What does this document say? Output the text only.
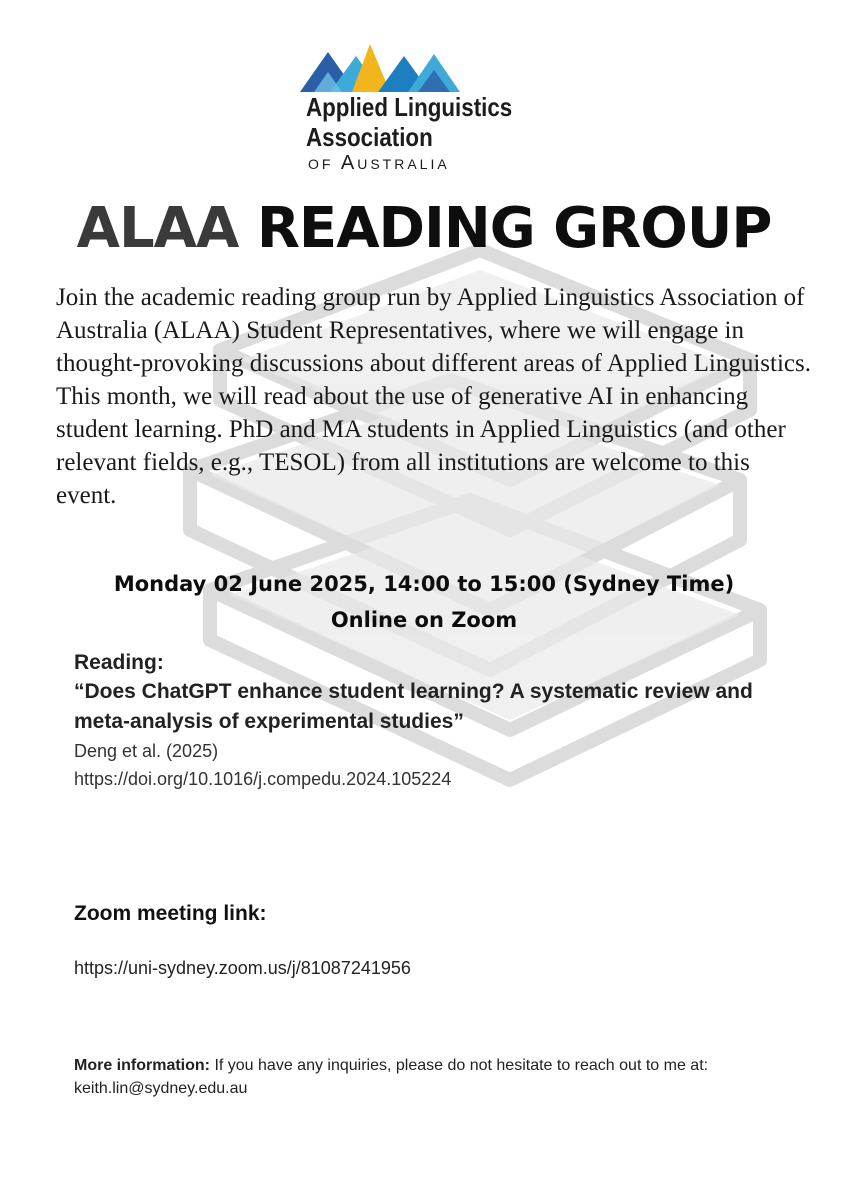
Applied Linguistics
Association
of Australia
ALAA READING GROUP
Join the academic reading group run by Applied Linguistics Association of Australia (ALAA) Student Representatives, where we will engage in thought-provoking discussions about different areas of Applied Linguistics. This month, we will read about the use of generative AI in enhancing student learning. PhD and MA students in Applied Linguistics (and other relevant fields, e.g., TESOL) from all institutions are welcome to this event.
Monday 02 June 2025, 14:00 to 15:00 (Sydney Time)
Online on Zoom
Reading:
“Does ChatGPT enhance student learning? A systematic review and meta-analysis of experimental studies”
Deng et al. (2025)
https://doi.org/10.1016/j.compedu.2024.105224
Zoom meeting link:
https://uni-sydney.zoom.us/j/81087241956
More information: If you have any inquiries, please do not hesitate to reach out to me at: keith.lin@sydney.edu.au
